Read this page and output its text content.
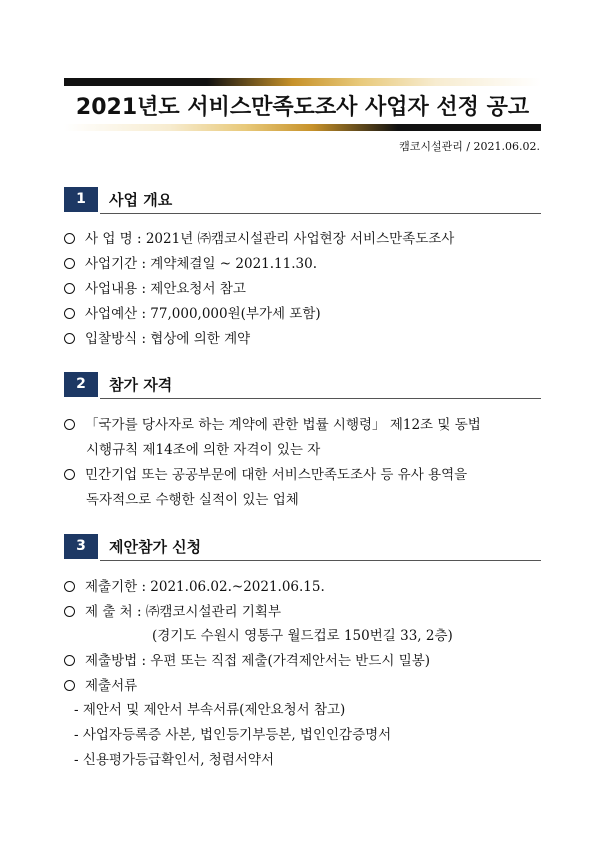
2021년도 서비스만족도조사 사업자 선정 공고
캠코시설관리 / 2021.06.02.
1	사업 개요
사 업 명 : 2021년 ㈜캠코시설관리 사업현장 서비스만족도조사
사업기간 : 계약체결일 ~ 2021.11.30.
사업내용 : 제안요청서 참고
사업예산 : 77,000,000원(부가세 포함)
입찰방식 : 협상에 의한 계약
2	참가 자격
「국가를 당사자로 하는 계약에 관한 법률 시행령」 제12조 및 동법
시행규칙 제14조에 의한 자격이 있는 자
민간기업 또는 공공부문에 대한 서비스만족도조사 등 유사 용역을
독자적으로 수행한 실적이 있는 업체
3	제안참가 신청
제출기한 : 2021.06.02.~2021.06.15.
제 출 처 : ㈜캠코시설관리 기획부
(경기도 수원시 영통구 월드컵로 150번길 33, 2층)
제출방법 : 우편 또는 직접 제출(가격제안서는 반드시 밀봉)
제출서류
- 제안서 및 제안서 부속서류(제안요청서 참고)
- 사업자등록증 사본, 법인등기부등본, 법인인감증명서
- 신용평가등급확인서, 청렴서약서
